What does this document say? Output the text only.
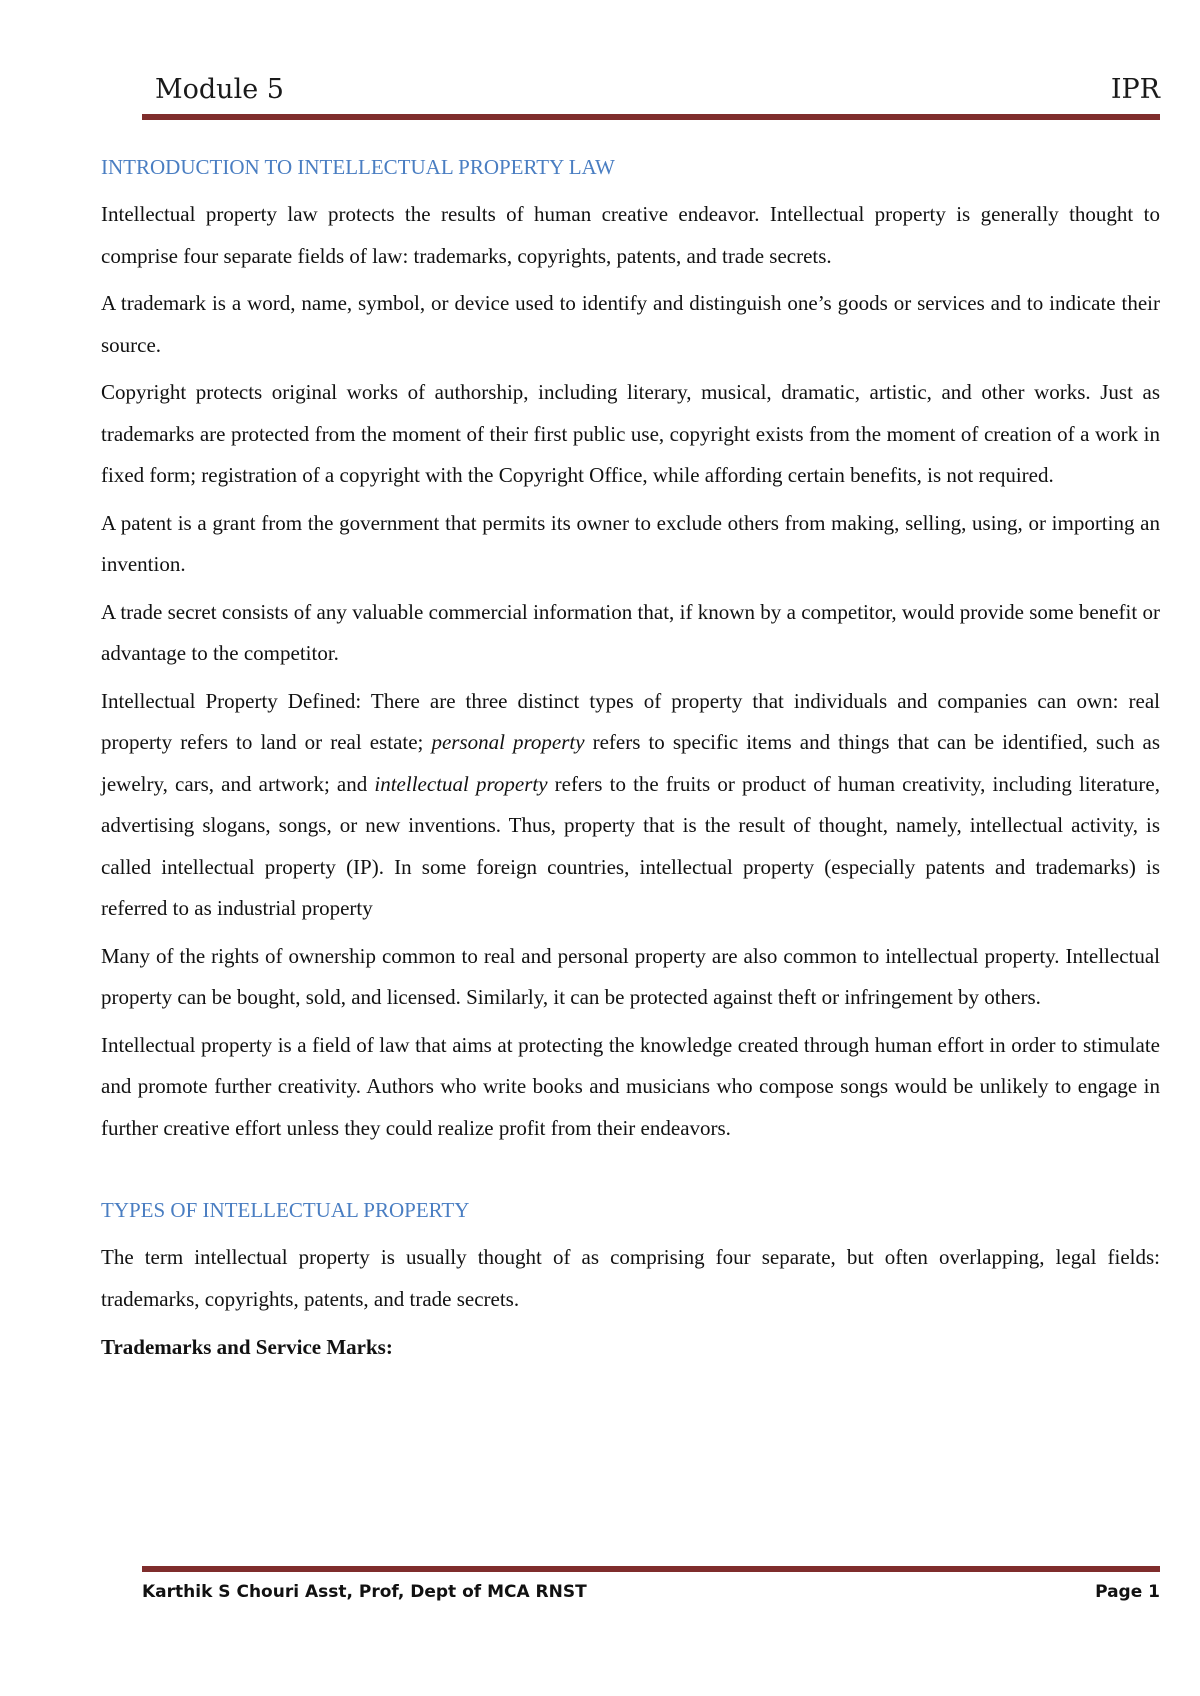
Module 5	IPR
INTRODUCTION TO INTELLECTUAL PROPERTY LAW

Intellectual property law protects the results of human creative endeavor. Intellectual property is generally thought to comprise four separate fields of law: trademarks, copyrights, patents, and trade secrets.

A trademark is a word, name, symbol, or device used to identify and distinguish one’s goods or services and to indicate their source.

Copyright protects original works of authorship, including literary, musical, dramatic, artistic, and other works. Just as trademarks are protected from the moment of their first public use, copyright exists from the moment of creation of a work in fixed form; registration of a copyright with the Copyright Office, while affording certain benefits, is not required.

A patent is a grant from the government that permits its owner to exclude others from making, selling, using, or importing an invention.

A trade secret consists of any valuable commercial information that, if known by a competitor, would provide some benefit or advantage to the competitor.

Intellectual Property Defined: There are three distinct types of property that individuals and companies can own: real property refers to land or real estate; personal property refers to specific items and things that can be identified, such as jewelry, cars, and artwork; and intellectual property refers to the fruits or product of human creativity, including literature, advertising slogans, songs, or new inventions. Thus, property that is the result of thought, namely, intellectual activity, is called intellectual property (IP). In some foreign countries, intellectual property (especially patents and trademarks) is referred to as industrial property

Many of the rights of ownership common to real and personal property are also common to intellectual property. Intellectual property can be bought, sold, and licensed. Similarly, it can be protected against theft or infringement by others.

Intellectual property is a field of law that aims at protecting the knowledge created through human effort in order to stimulate and promote further creativity. Authors who write books and musicians who compose songs would be unlikely to engage in further creative effort unless they could realize profit from their endeavors.

TYPES OF INTELLECTUAL PROPERTY

The term intellectual property is usually thought of as comprising four separate, but often overlapping, legal fields: trademarks, copyrights, patents, and trade secrets.

Trademarks and Service Marks:
Karthik S Chouri Asst, Prof, Dept of MCA RNST	Page 1
